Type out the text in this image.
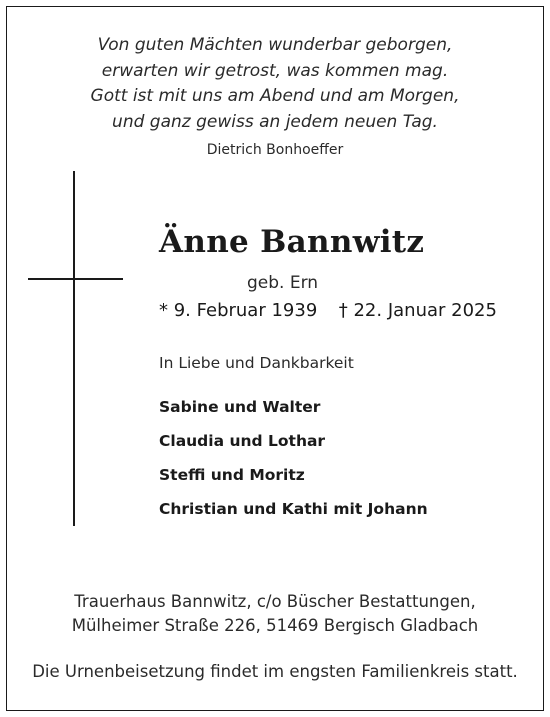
Von guten Mächten wunderbar geborgen,
erwarten wir getrost, was kommen mag.
Gott ist mit uns am Abend und am Morgen,
und ganz gewiss an jedem neuen Tag.
Dietrich Bonhoeffer
Änne Bannwitz
geb. Ern
* 9. Februar 1939 † 22. Januar 2025
In Liebe und Dankbarkeit
Sabine und Walter
Claudia und Lothar
Steffi und Moritz
Christian und Kathi mit Johann
Trauerhaus Bannwitz, c/o Büscher Bestattungen,
Mülheimer Straße 226, 51469 Bergisch Gladbach
Die Urnenbeisetzung findet im engsten Familienkreis statt.
